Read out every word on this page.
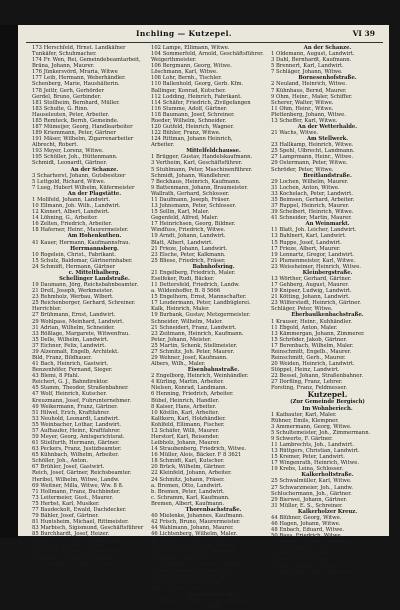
Inchling — Kutzepel.	VI 39
173 Herschfeld, Hrnst. Landkäfner
Tunkäfer, Schuhmacher.
174 Fr. Wen, Rei, Gemeindebeamtarbeit,
Bräna, Johann, Maurer.
176 Jünkersvörd, Mraria, Witwe
177 Leib, Hermann, Weberhändler.
Schenberg, Marie, Haushälterin.
178 Jeitlr, Gerh, Gerhörder
Gerdel, Bruno, Gerbinder.
181 Stollheim, Bernhard, Müller.
183 Schulte, G. Rinn.
Hauseleuten, Peter, Arbeiter.
185 Remteck, Bernh, Gemeinde.
187 Mümeijer, Georg, Handlearbeiter
189 Kriemmann, Peter, Gärtner
191 Mäser, Wilhelm, Zigarrenarbeiter
Albrecht, Robert.
193 Meyer, Lorenz, Witwe.
195 Schüller, Joh., Hüttenmann.
Schmidt, Leonardt, Gärtner.
An der Schanze.
3 Scharhorst, Johann, Gutsbesitzer
5 Lettgold, Richard, Witwe.
7 Lueg, Hubert Wilhelm, Küfermeister
An der Plagstätte.
1 Mollfeld, Johann, Landwirt.
10 Ellmann, Joh. Wilh., Landwirt.
12 Kinnert, Albert, Landwirt.
14 Löhning, G., Arbeiter.
16 Zelten, Friedrich, Arbeiter.
18 Haferner, Heinr., Maurermeister.
Am Hohenkuthen.
41 Kauer, Hermann, Kaufmannsfrau.
Herrmannsberg.
10 Rogelein, Christ., Fabrikant.
15 Schulz, Baldomar, Gärtnerinhaber.
24 Schmidt, Hermann, Gärtner
c. Mittelthalberg.
Schellinger Landstraße.
19 Daumann, Jörg, Reichsbahnbeamter.
21 Drell, Joseph, Werkmeister.
23 Rehmholz, Werbau, Wlbert.
25 Reichenberger, Gerhard, Schreiner.
Herrichter.
27 Brühmann, Ernst, Landwirt.
29 Wohlpass, Meinhard, Landwirt.
31 Adrian, Wilhelm, Schneider.
33 Rößlage, Margarete, Witwenfrau.
35 Delle, Wilhelm, Landwirt.
37 Eichner, Felix, Landwirt.
39 Alzenmalt, Engelb, Architekt.
Bild, Franz, Bildhauer.
41 Bach, Heinrich, Gastwirt.
Benzenhöfer, Fernand, Sieger.
43 Blemi, 8 Pfahl.
Reichert, G. J., Bahndirektor.
45 Stamm, Theodor, Straßenbahner.
47 Wolf, Heinrich, Kutscher.
Kreuzmann, Josef, Fuhrunternehmer.
49 Weikermann, Franz, Gärtner.
51 Hilwel, Erich, Kraftfahrer.
53 Neuhold, Leonardt, Landwirt.
55 Weinbacher, Lothar, Landwirt.
57 Aufhaufer, Heinr., Kraftfahrer.
59 Meyer, Georg, Amtsgerichtsrat.
61 Stielfurth, Hermann, Gärtner.
63 Peckers, Franz, Justizbeamter.
65 Kühnbach, Wilhelm, Arbeiter.
Schöller, Joh., Anton.
67 Brühler, Josef, Gastwirt.
Reich, Josef, Gärtner, Reichsbeamter.
Heribel, Wilhelm, Witwe, Landw.
69 Weitner, Milla, Witwe, Ww. 8 8.
71 Hollmann, Franz, Buchbinder.
73 Leitermeier, Gust., Maurer.
75 Herbst, Karl, Musiker.
77 Baudeckolt, Ewald, Dachdecker.
79 Bähler, Josef, Gärtner.
81 Huntsheim, Michael, Rittmeister.
83 Marbisch, Sigismund, Geschäftsführer
85 Burchhardt, Josef, Heizer.
87 Hinterroth, Karl, Rottenführer.
89 Jürgen, Johann, Gärtner.
Jaus, Paul, Architekt, Bahnmeister.
Rathmann, Johann, Kaufmann.
100 Buchberg, Johann, Landwirt.
102 Lampe, Ellimann, Witwe.
104 Sommerfeld, Arnold, Geschäftsführer.
Weigerthmeister.
106 Bergmann, Georg, Witwe.
Löschmann, Karl, Witwe.
108 Lohr, Bernh., Tischler.
110 Ballenhold, Georg, Gerb. Kfm.
Ballinger, Konrad, Kutscher.
112 Lodding, Heinrich, Fabrikant.
114 Schäfer, Friedrich, Zivilgefangen
116 Stumme, Adolf, Gärtner.
118 Baumann, Josef, Schreiner.
Roeder, Wilhelm, Schneider.
120 Gutfeld, Heinrich, Wagner.
122 Bühler, Franz, Witwe.
124 Rittman, Johann Heinrich,
Arbeiter.
Mittelfeldchausse.
1 Brügger, Gustav, Handelskaufmann.
3 Vertheim, Karl, Geschäftsführer.
5 Stuhlmann, Peter, Maschinenführer.
Schmidt, Johann, Wandlehrer.
7 Beckhaus, Heinrich, Kaufmann.
9 Battenmann, Johann, Braumeister.
Wallrath, Gerhard, Schlosser.
11 Daufmann, Joseph, Fräser.
13 Johnsmann, Peter, Schlosser.
15 Sellin, Karl, Maler.
Gegenfeld, Alfred, Maler.
17 Heinrichsen, Georg, Bildner.
Windfuss, Friedrich, Witwe.
19 Arndt, Johann, Landwirt.
Blatt, Albert, Landwirt.
21 Frieze, Johann, Landwirt.
23 Elsche, Peter, Kalkmann.
25 Bliese, Friedrich, Fräser.
Bahnhofsring.
21 Engelberg, Friedrich, Maler.
Eselfeker, Rudi, Bäcker.
11 Dettersfeld, Friedrich, Landw.
a. Wildenhoffer, B. 8 5666
15 Engelhorn, Ernst, Mannschafter.
17 Leudermann, Peter, Landbüglerei.
Kalk, Heinrich, Maler.
19 Burbank, Gustav, Metzgermeister.
Schneider, Wilhelm, Maler.
21 Schneidert, Franz, Landwirt.
23 Zeitmann, Heinrich, Kaufmann.
Peter, Johann, Meister.
25 Martin, Schenk, Stellmeister.
27 Schmitz, Joh. Peter, Maurer.
29 Wehner, Josef, Kaufmann.
Albers, Wilh., Maler.
Eisenbahnstraße.
2 Engelborg, Heinrich, Weinhändler.
4 Kürling, Martin, Arbeiter.
Nielsen, Konrad, Landmann.
6 Henning, Friedrich, Arbeiter.
Bübel, Heinrich, Handler.
8 Kaiser, Hans, Arbeiter.
10 Köstlin, Karl, Arbeiter.
Kaltkorn, Karl, Holzhändler.
Kohlfeld, Ellimann, Fischer.
12 Schäfer, Willi, Maurer.
Herstorf, Karl, Reisender.
Leibholz, Johann, Maurer.
14 Straubenberg, Friedrich, Witwe.
16 Müller, Alois, Bäcker. F 8 3621
18 Schmidt, Karl, Kutscher.
20 Brück, Wilhelm, Gärtner.
22 Kleinfeld, Johann, Arbeiter.
24 Schmitz, Johann, Fräser.
a. Bremen, Otto, Landwirt.
b. Bremen, Peter, Landwirt.
c. Schramm, Karl, Kaufmann.
Bremen, Albert, Kaufmann.
Thorenbachstraße.
40 Mielenke, Johannes, Kaufmann.
42 Frisch, Bruno, Maurermeister.
44 Wahlmann, Johann, Maurer.
46 Lichtenberg, Wilhelm, Maler.
48 Wiedera, Gerhard, Maurer.
50 Riedelsmann, Anton, Förster.
52 Höheldorf, August, Fabrikant.
54 Rübbe, Anna, Witwe.
56 Tellmann, Ww. Heinz, Kaufmann.
58 Ankhövensfeld, Konrad, Wirt.
60 Möllbering, Karl, Oberarzt.
Voelkel, Heinrich, Gärtner.
Wirtz, Johann, Maurer.
Vorbauerstraße.
21 Eckhard, Engelb., Geschäftsführer.
1929
An der Schanze.
1 Oldemann, August, Landwirt.
3 Dahl, Bernhardt, Kaufmann.
5 Brennert, Karl, Landwirt.
7 Schläger, Johann, Witwe.
Bornesenhofstraße.
2 Neuland, Heinrich, Witwe.
7 Kühnhaus, Bernd, Maurer.
9 Ohm, Heinr., Maler, Schiffer.
Scherer, Walter, Witwe.
11 Ohm, Heinr., Witwe.
Plettenberg, Johann, Witwe.
13 Scheffer, Karl, Witwe.
An der Wetterhalde.
21 Wachs, Witwe.
Am Stellwerk.
23 Hallkamp, Heinrich, Witwe.
25 Spehl, Ulbrecht, Landmann.
27 Lamprmann, Heinr., Witwe.
29 Ostermann, Peter, Witwe.
Schröder, Peter, Witwe.
Breitlandstraße.
29 Lochen, Wilhelm, Maurer.
31 Lochen, Anton, Witwe.
33 Kochelach, Peter, Landwirt.
35 Beimsen, Gerhard, Arbeiter.
37 Ruppel, Heinrich, Maurer.
39 Scheibert, Heinrich, Witwe.
41 Schneider, Martin, Maurer.
An Weinmarkt.
11 Blatt, Joh. Leicher, Landwirt.
13 Bahlnert, Karl, Landwirt.
15 Ruppe, Josef, Landwirt.
17 Frieze, Albert, Maurer.
19 Lennartz, Gregor, Landwirt.
21 Plumenmeister, Karl, Witwe.
23 Weissheimer, Heinrich, Witwe.
Kleinbergstraße.
13 Wörther, Gerhard, Gärtner.
17 Gehberg, August, Maurer.
19 Knipser, Ludwig, Landwirt.
21 Kötting, Johann, Landwirt.
23 Wilferstedt, Heinrich, Gärtner.
Schläger, Peter, Witwe.
Eberbaulkenbachstraße.
1 Krauser, Heinr., Kuhhändler.
11 Ebgold, Anton, Maler.
13 Kämmergan, Johann, Zimmerer.
15 Schröder, Jakob, Gärtner.
17 Berenbach, Wilhelm, Maler.
Reinschmitt, Engelb., Maurer.
Reinschmitt, Gerh., Maurer.
20 Weiden, Heinrich, Landwirt.
Stöppel, Heinz, Landwirt.
22 Bessel, Johann, Straßenbahner.
27 Dorfling, Franz, Lehrer.
Forsting, Franz, Feldmesser.
Kutzepel.
(Zur Gemeinde Bergisch)
Im Wohnberiech.
1 Kaibauter, Karl, Maler.
Rühner, Emils, Klempner.
3 Ammermann, Georg, Witwe.
5 Schultemeister, Joh., Zimmermann.
9 Schwerte, F. Gärtner.
11 Lambrechts, Joh., Landwirt.
13 Rüttgers, Christian, Landwirt.
15 Kremer, Peter, Landwirt.
17 Wingenrath, Heinrich, Witwe.
19 Krebs, Leina, Schlosser.
Kalkerholtstraße.
25 Schwalmüller, Karl, Witwe.
27 Schwarzmeier, Joh., Landw.
Schluchermann, Joh., Gärtner.
29 Bierwei, Johann, Gärtner.
31 Müller, E. S., Schreiner.
Kalkerholzer Kreuz.
44 Blühner, Georg, Witwe.
46 Hagen, Johann, Witwe.
48 Enbach, Eduard, Witwe.
50 Baus, Friedrich, Witwe.
52 Krämer, Wilhelm, Kaufmann.
54 Schuhmacher, Albert, Witwe.
56 Reiter, Adolf, Witwe.
Möller, Daniel, Witwe.
58 Berg, Johann, Witwe.
70 Hohmann, Franz, Schlosser.
